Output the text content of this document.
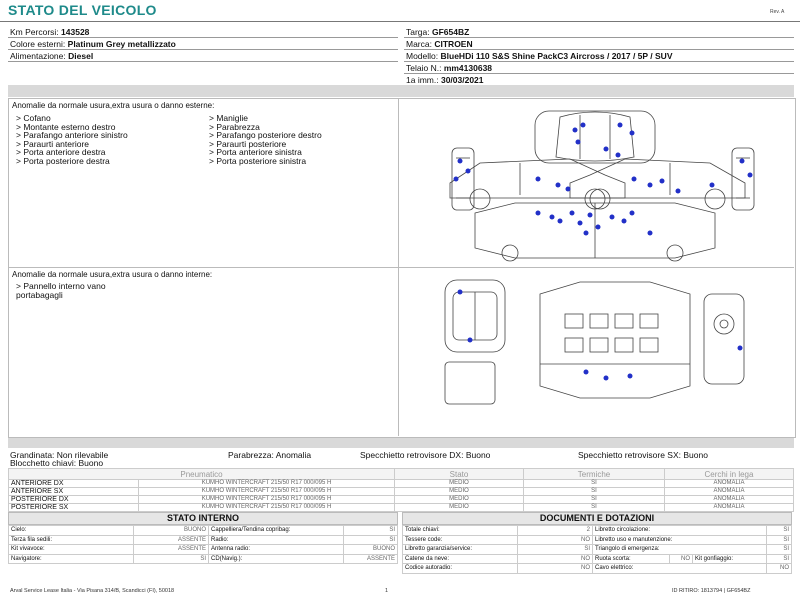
STATO DEL VEICOLO	Rev. A
Km Percorsi: 143528
Colore esterni: Platinum Grey metallizzato
Alimentazione: Diesel
Targa: GF654BZ
Marca: CITROEN
Modello: BlueHDi 110 S&S Shine PackC3 Aircross / 2017 / 5P / SUV
Telaio N.: mm4130638
1a imm.: 30/03/2021
Anomalie da normale usura,extra usura o danno esterne:
> Cofano
> Montante esterno destro
> Parafango anteriore sinistro
> Paraurti anteriore
> Porta anteriore destra
> Porta posteriore destra
> Maniglie
> Parabrezza
> Parafango posteriore destro
> Paraurti posteriore
> Porta anteriore sinistra
> Porta posteriore sinistra
Anomalie da normale usura,extra usura o danno interne:
> Pannello interno vano
portabagagli
Grandinata: Non rilevabile	Parabrezza: Anomalia	Specchietto retrovisore DX: Buono	Specchietto retrovisore SX: Buono
Blocchetto chiavi: Buono
Pneumatico		Stato	Termiche	Cerchi in lega
ANTERIORE DX	KUMHO WINTERCRAFT 215/50 R17 000/095 H	MEDIO	SI	ANOMALIA
ANTERIORE SX	KUMHO WINTERCRAFT 215/50 R17 000/095 H	MEDIO	SI	ANOMALIA
POSTERIORE DX	KUMHO WINTERCRAFT 215/50 R17 000/095 H	MEDIO	SI	ANOMALIA
POSTERIORE SX	KUMHO WINTERCRAFT 215/50 R17 000/095 H	MEDIO	SI	ANOMALIA
STATO INTERNO
Cielo:	BUONO	Cappelliera/Tendina copribag:	SI
Terza fila sedili:	ASSENTE	Radio:	SI
Kit vivavoce:	ASSENTE	Antenna radio:	BUONO
Navigatore:	SI	CD(Navig.):	ASSENTE
DOCUMENTI E DOTAZIONI
Totale chiavi:	2	Libretto circolazione:			SI
Tessere code:	NO	Libretto uso e manutenzione:			SI
Libretto garanzia/service:	SI	Triangolo di emergenza:			SI
Catene da neve:	NO	Ruota scorta:	NO	Kit gonfiaggio:	SI
Codice autoradio:	NO	Cavo elettrico:			NO
Arval Service Lease Italia - Via Pisana 314/B, Scandicci (FI), 50018	1	ID RITIRO: 1813794 | GF654BZ
